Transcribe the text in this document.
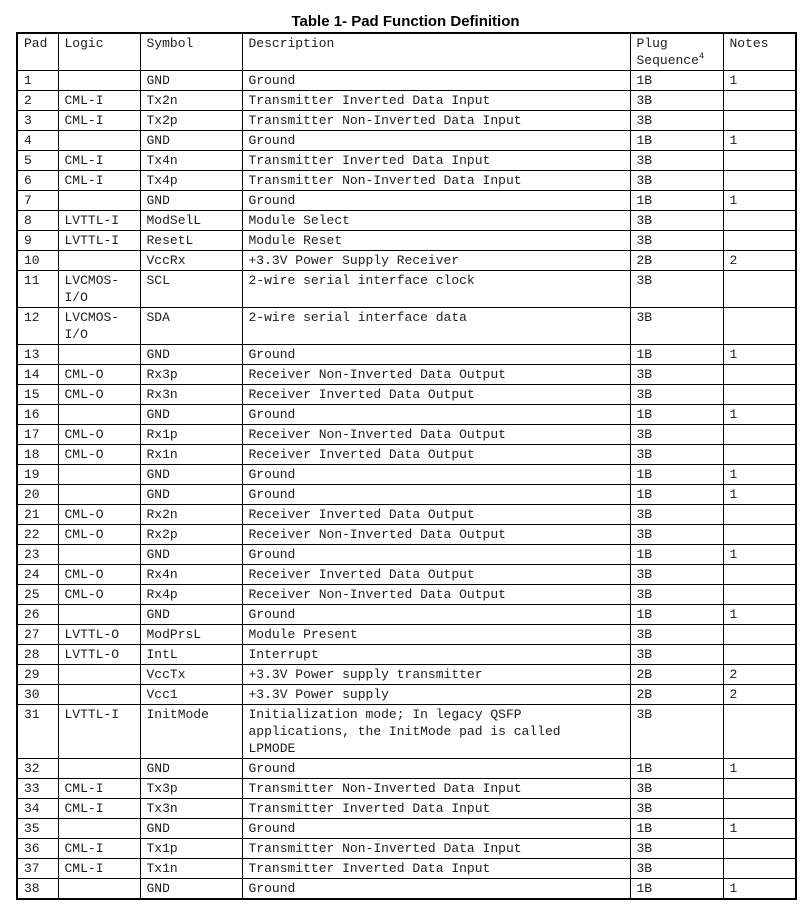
Table 1- Pad Function Definition
Pad	Logic	Symbol	Description	Plug Sequence$^4$	Notes
1		GND	Ground	1B	1
2	CML-I	Tx2n	Transmitter Inverted Data Input	3B	
3	CML-I	Tx2p	Transmitter Non-Inverted Data Input	3B	
4		GND	Ground	1B	1
5	CML-I	Tx4n	Transmitter Inverted Data Input	3B	
6	CML-I	Tx4p	Transmitter Non-Inverted Data Input	3B	
7		GND	Ground	1B	1
8	LVTTL-I	ModSelL	Module Select	3B	
9	LVTTL-I	ResetL	Module Reset	3B	
10		VccRx	+3.3V Power Supply Receiver	2B	2
11	LVCMOS-I/O	SCL	2-wire serial interface clock	3B	
12	LVCMOS-I/O	SDA	2-wire serial interface data	3B	
13		GND	Ground	1B	1
14	CML-O	Rx3p	Receiver Non-Inverted Data Output	3B	
15	CML-O	Rx3n	Receiver Inverted Data Output	3B	
16		GND	Ground	1B	1
17	CML-O	Rx1p	Receiver Non-Inverted Data Output	3B	
18	CML-O	Rx1n	Receiver Inverted Data Output	3B	
19		GND	Ground	1B	1
20		GND	Ground	1B	1
21	CML-O	Rx2n	Receiver Inverted Data Output	3B	
22	CML-O	Rx2p	Receiver Non-Inverted Data Output	3B	
23		GND	Ground	1B	1
24	CML-O	Rx4n	Receiver Inverted Data Output	3B	
25	CML-O	Rx4p	Receiver Non-Inverted Data Output	3B	
26		GND	Ground	1B	1
27	LVTTL-O	ModPrsL	Module Present	3B	
28	LVTTL-O	IntL	Interrupt	3B	
29		VccTx	+3.3V Power supply transmitter	2B	2
30		Vcc1	+3.3V Power supply	2B	2
31	LVTTL-I	InitMode	Initialization mode; In legacy QSFP applications, the InitMode pad is called LPMODE	3B	
32		GND	Ground	1B	1
33	CML-I	Tx3p	Transmitter Non-Inverted Data Input	3B	
34	CML-I	Tx3n	Transmitter Inverted Data Input	3B	
35		GND	Ground	1B	1
36	CML-I	Tx1p	Transmitter Non-Inverted Data Input	3B	
37	CML-I	Tx1n	Transmitter Inverted Data Input	3B	
38		GND	Ground	1B	1
